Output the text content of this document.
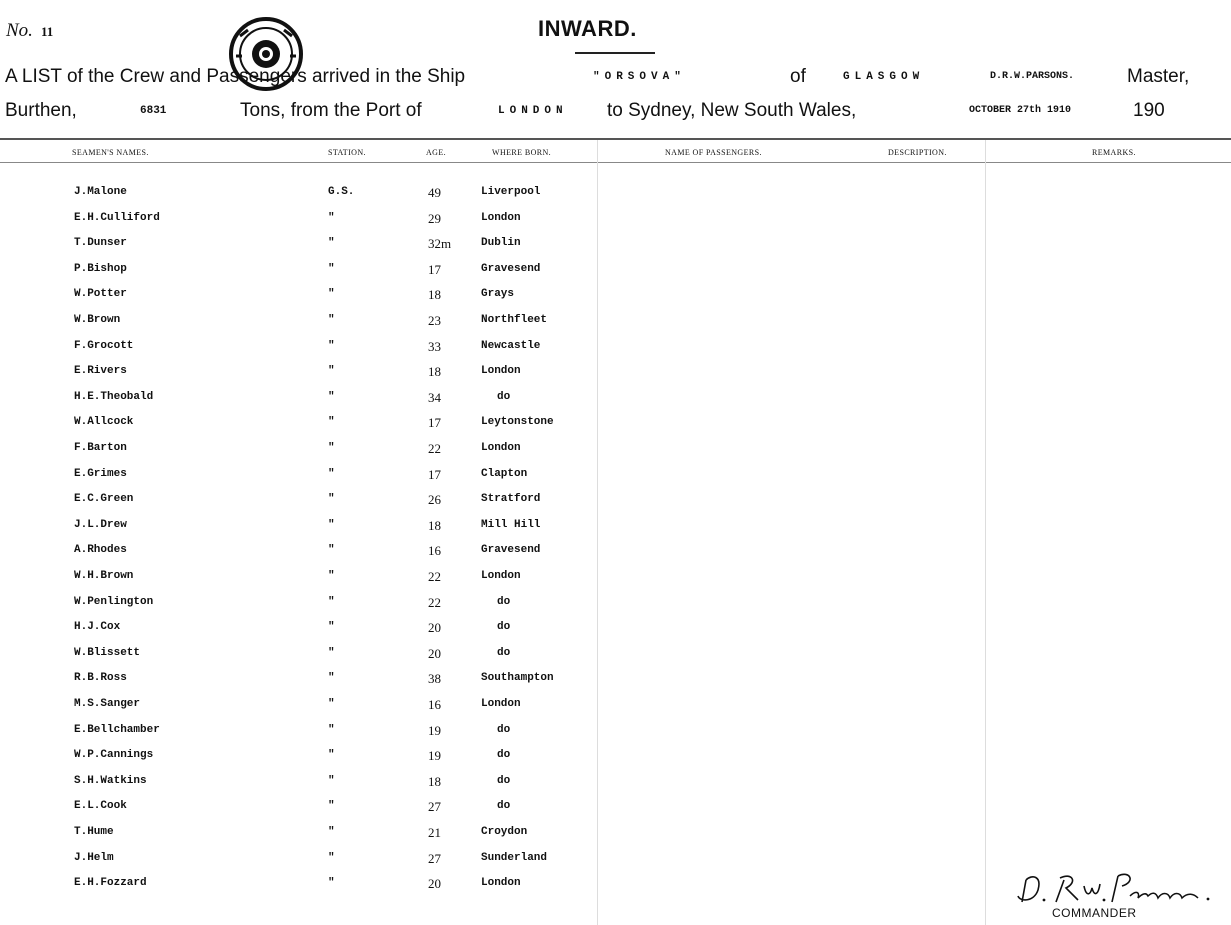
No. 11	INWARD.
A LIST of the Crew and Passengers arrived in the Ship	"ORSOVA"	of	GLASGOW	D.R.W.PARSONS.	Master,
Burthen,	6831	Tons, from the Port of	LONDON to Sydney, New South Wales,	OCTOBER 27th 1910	190
SEAMEN'S NAMES.	STATION.	AGE.	WHERE BORN.	NAME OF PASSENGERS.	DESCRIPTION.	REMARKS.
J.Malone	G.S.	49	Liverpool
E.H.Culliford	"	29	London
T.Dunser	"	32m	Dublin
P.Bishop	"	17	Gravesend
W.Potter	"	18	Grays
W.Brown	"	23	Northfleet
F.Grocott	"	33	Newcastle
E.Rivers	"	18	London
H.E.Theobald	"	34	do
W.Allcock	"	17	Leytonstone
F.Barton	"	22	London
E.Grimes	"	17	Clapton
E.C.Green	"	26	Stratford
J.L.Drew	"	18	Mill Hill
A.Rhodes	"	16	Gravesend
W.H.Brown	"	22	London
W.Penlington	"	22	do
H.J.Cox	"	20	do
W.Blissett	"	20	do
R.B.Ross	"	38	Southampton
M.S.Sanger	"	16	London
E.Bellchamber	"	19	do
W.P.Cannings	"	19	do
S.H.Watkins	"	18	do
E.L.Cook	"	27	do
T.Hume	"	21	Croydon
J.Helm	"	27	Sunderland
E.H.Fozzard	"	20	London
COMMANDER
